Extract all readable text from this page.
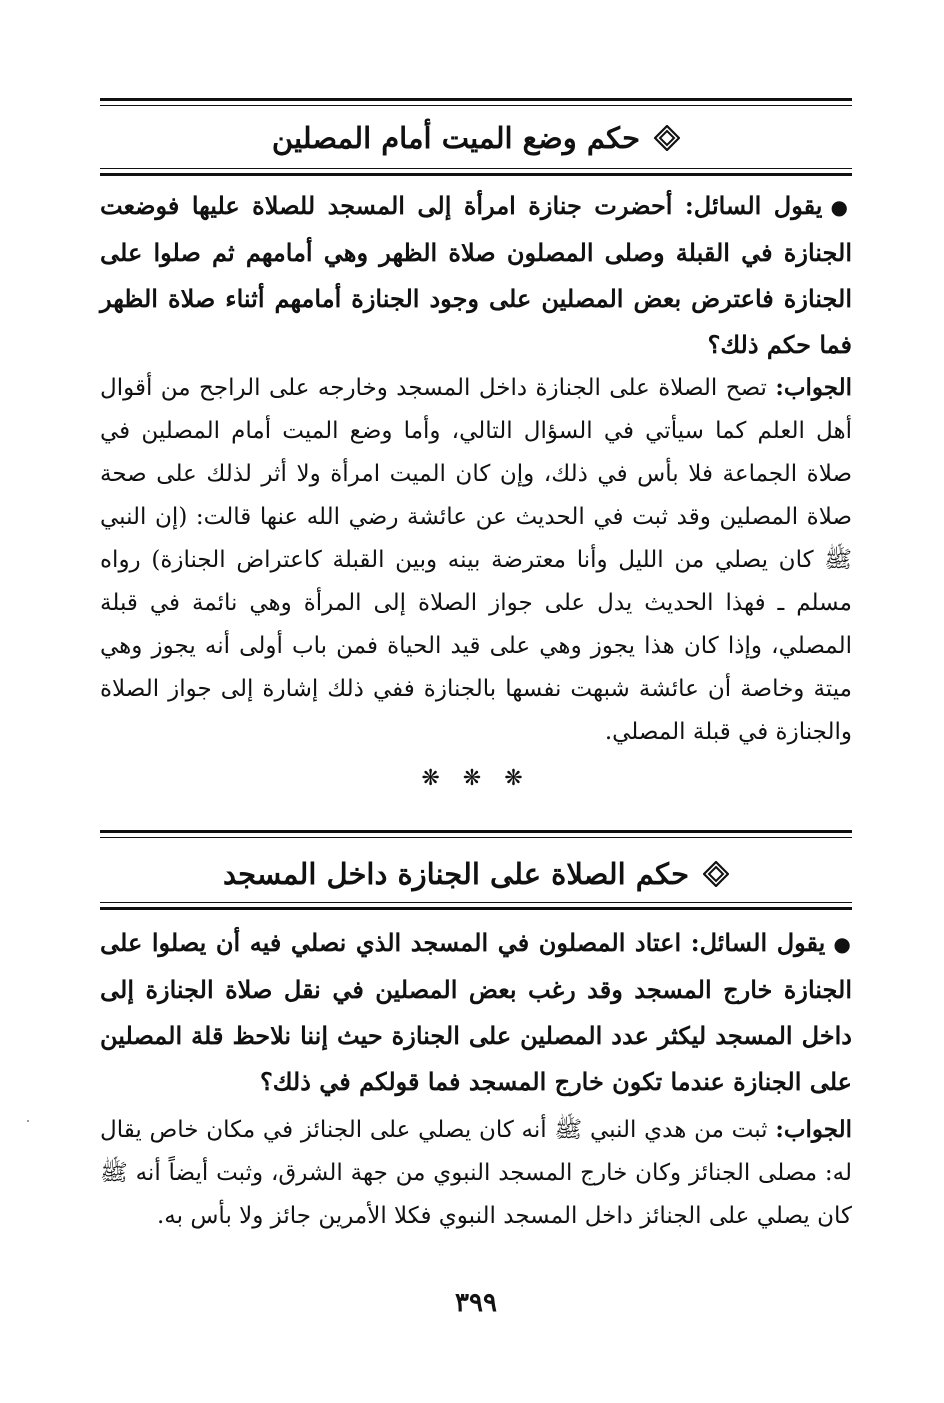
حكم وضع الميت أمام المصلين
●يقول السائل: أحضرت جنازة امرأة إلى المسجد للصلاة عليها فوضعت الجنازة في القبلة وصلى المصلون صلاة الظهر وهي أمامهم ثم صلوا على الجنازة فاعترض بعض المصلين على وجود الجنازة أمامهم أثناء صلاة الظهر فما حكم ذلك؟
الجواب: تصح الصلاة على الجنازة داخل المسجد وخارجه على الراجح من أقوال أهل العلم كما سيأتي في السؤال التالي، وأما وضع الميت أمام المصلين في صلاة الجماعة فلا بأس في ذلك، وإن كان الميت امرأة ولا أثر لذلك على صحة صلاة المصلين وقد ثبت في الحديث عن عائشة رضي الله عنها قالت: (إن النبي ﷺ كان يصلي من الليل وأنا معترضة بينه وبين القبلة كاعتراض الجنازة) رواه مسلم ـ فهذا الحديث يدل على جواز الصلاة إلى المرأة وهي نائمة في قبلة المصلي، وإذا كان هذا يجوز وهي على قيد الحياة فمن باب أولى أنه يجوز وهي ميتة وخاصة أن عائشة شبهت نفسها بالجنازة ففي ذلك إشارة إلى جواز الصلاة والجنازة في قبلة المصلي.
❋ ❋ ❋
حكم الصلاة على الجنازة داخل المسجد
●يقول السائل: اعتاد المصلون في المسجد الذي نصلي فيه أن يصلوا على الجنازة خارج المسجد وقد رغب بعض المصلين في نقل صلاة الجنازة إلى داخل المسجد ليكثر عدد المصلين على الجنازة حيث إننا نلاحظ قلة المصلين على الجنازة عندما تكون خارج المسجد فما قولكم في ذلك؟
الجواب: ثبت من هدي النبي ﷺ أنه كان يصلي على الجنائز في مكان خاص يقال له: مصلى الجنائز وكان خارج المسجد النبوي من جهة الشرق، وثبت أيضاً أنه ﷺ كان يصلي على الجنائز داخل المسجد النبوي فكلا الأمرين جائز ولا بأس به.
٣٩٩
